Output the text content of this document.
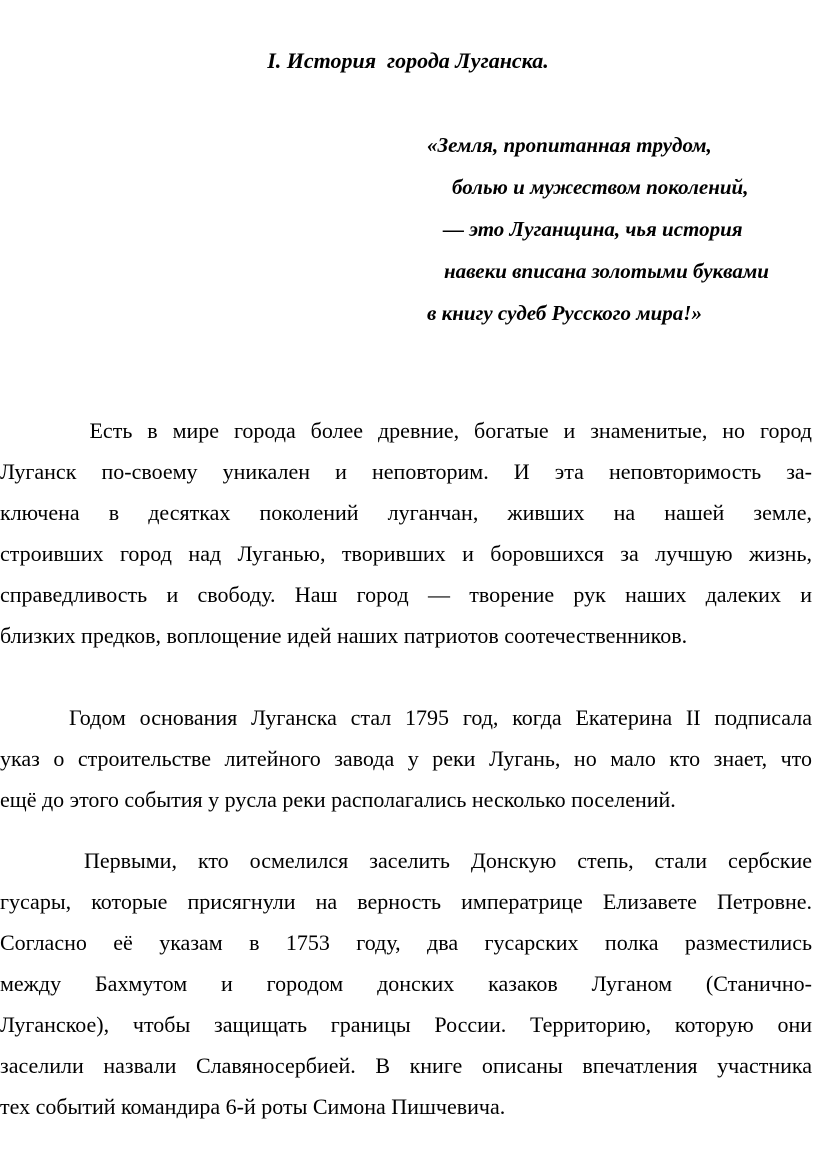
I. История  города Луганска.
«Земля, пропитанная трудом,
болью и мужеством поколений,
— это Луганщина, чья история
навеки вписана золотыми буквами
в книгу судеб Русского мира!»
Есть в мире города более древние, богатые и знаменитые, но город
Луганск по-своему уникален и неповторим. И эта неповторимость за-
ключена в десятках поколений луганчан, живших на нашей земле,
строивших город над Луганью, творивших и боровшихся за лучшую жизнь,
справедливость и свободу. Наш город — творение рук наших далеких и
близких предков, воплощение идей наших патриотов соотечественников.
Годом основания Луганска стал 1795 год, когда Екатерина II подписала
указ о строительстве литейного завода у реки Лугань, но мало кто знает, что
ещё до этого события у русла реки располагались несколько поселений.
Первыми, кто осмелился заселить Донскую степь, стали сербские
гусары, которые присягнули на верность императрице Елизавете Петровне.
Согласно её указам в 1753 году, два гусарских полка разместились
между Бахмутом и городом донских казаков Луганом (Станично-
Луганское), чтобы защищать границы России. Территорию, которую они
заселили назвали Славяносербией. В книге описаны впечатления участника
тех событий командира 6-й роты Симона Пишчевича.
